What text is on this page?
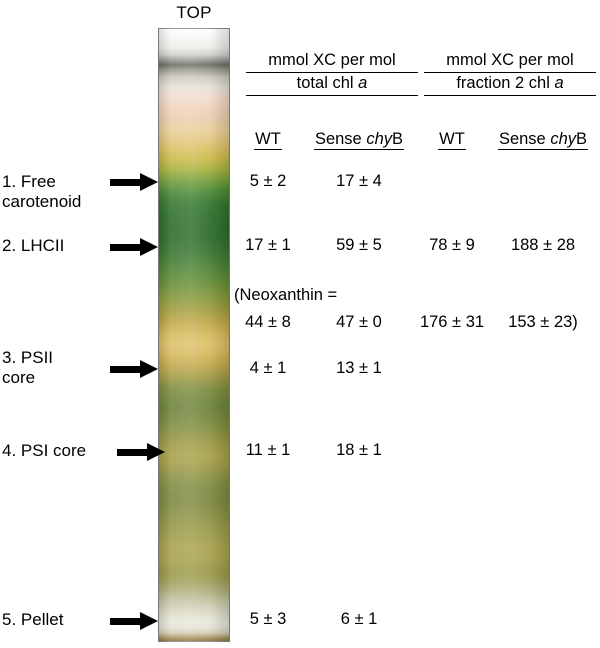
TOP
mmol XC per mol
total chl a
mmol XC per mol
fraction 2 chl a
WT	Sense chyB	WT	Sense chyB
1. Free
carotenoid
5 ± 2	17 ± 4
2. LHCII	17 ± 1	59 ± 5	78 ± 9	188 ± 28
(Neoxanthin =
44 ± 8	47 ± 0	176 ± 31	153 ± 23)
3. PSII
core	4 ± 1	13 ± 1
4. PSI core	11 ± 1	18 ± 1
5. Pellet	5 ± 3	6 ± 1
